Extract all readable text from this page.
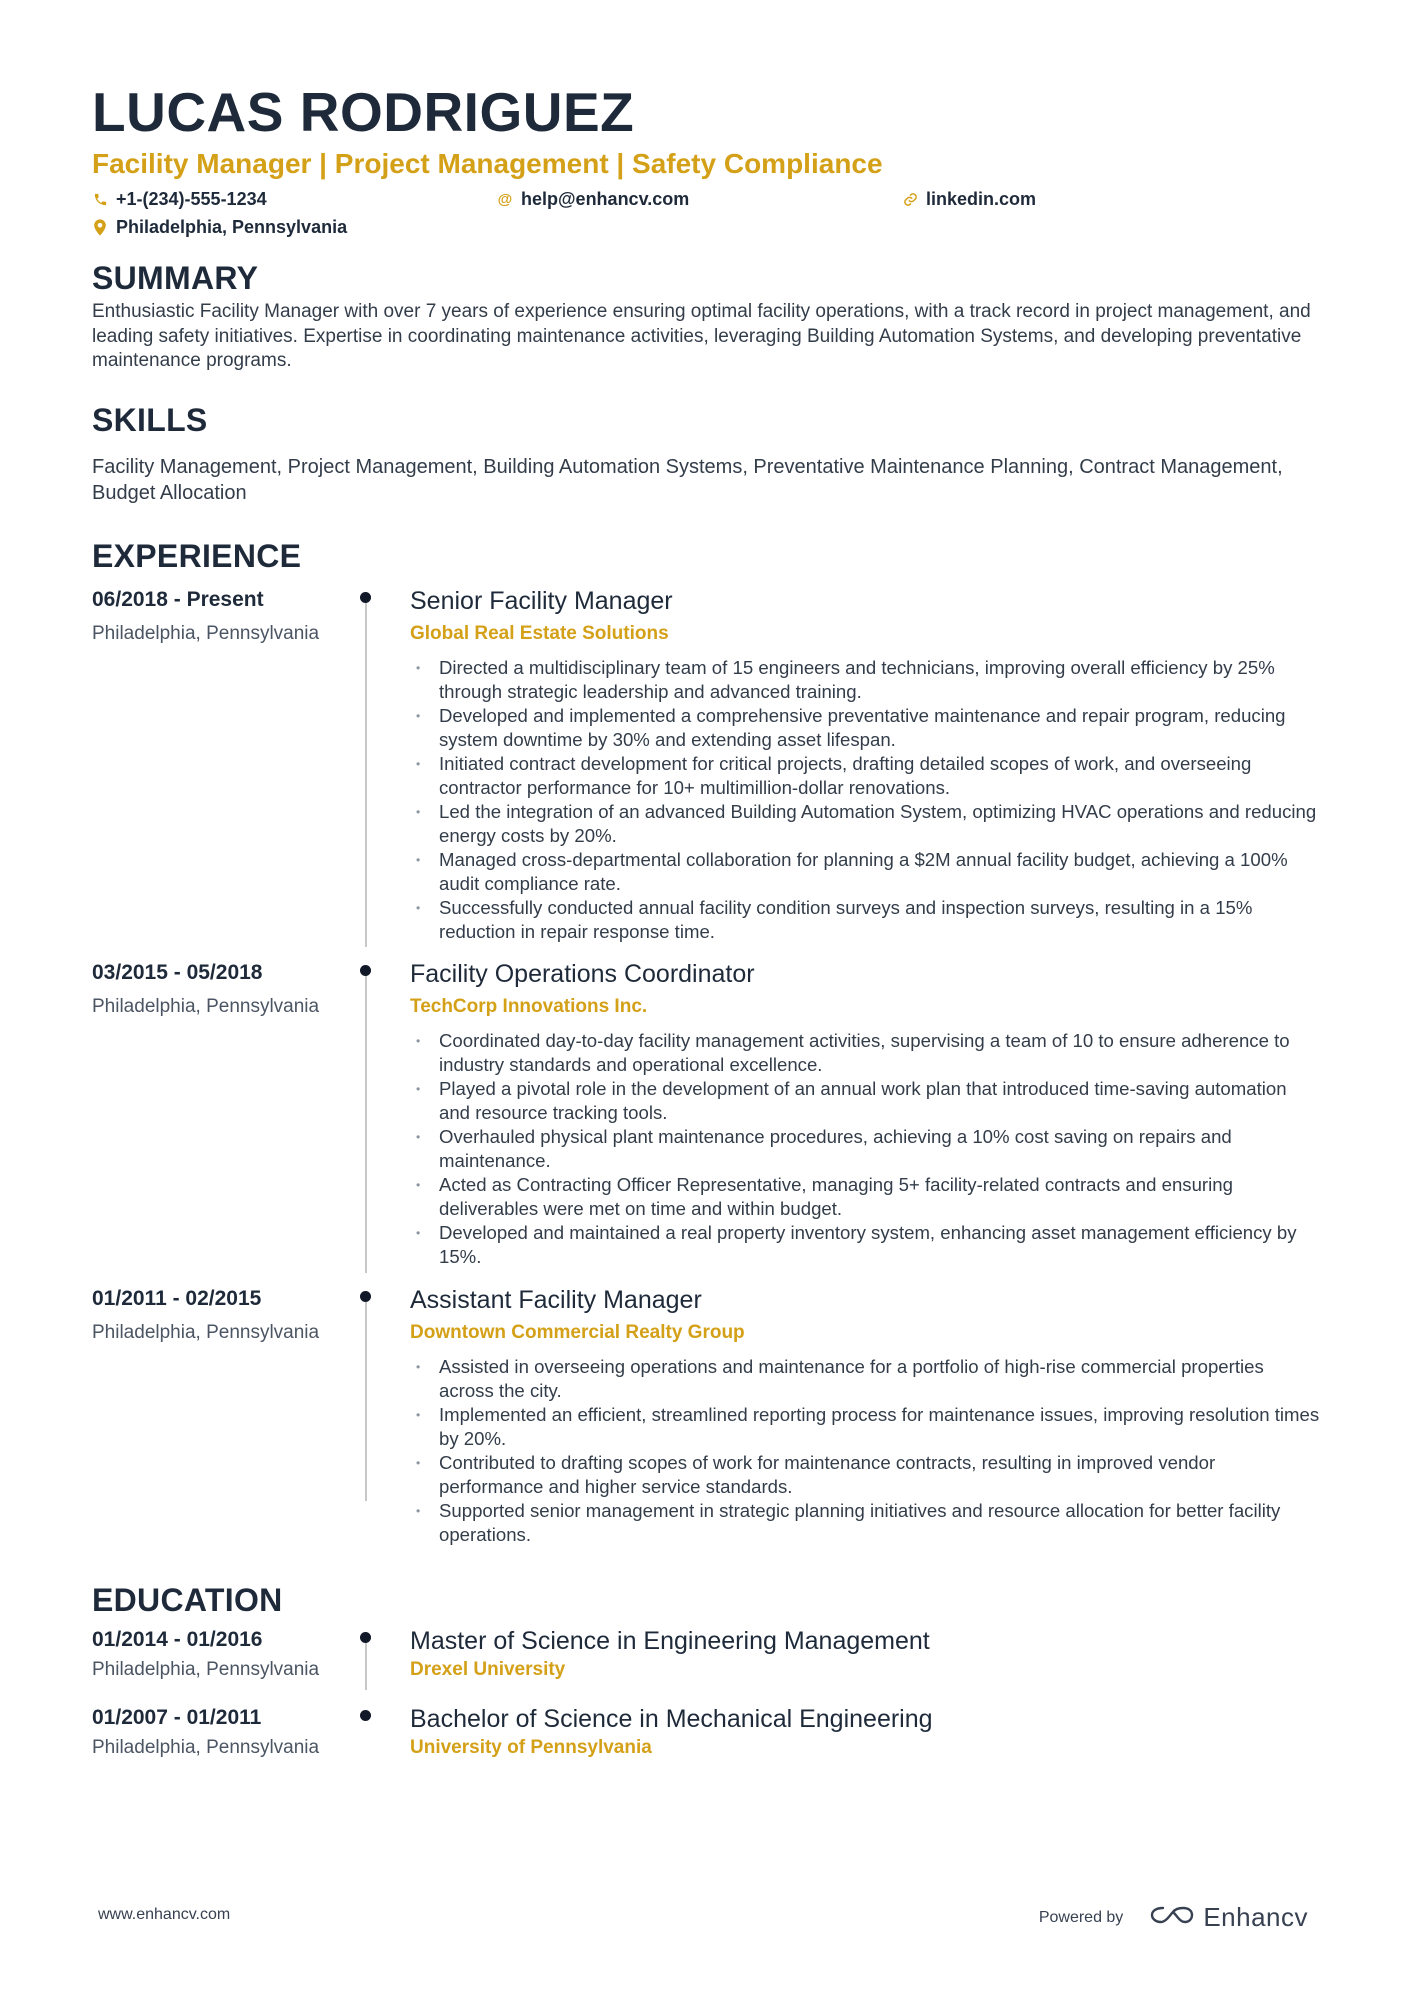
LUCAS RODRIGUEZ
Facility Manager | Project Management | Safety Compliance
+1-(234)-555-1234	@ help@enhancv.com	linkedin.com
Philadelphia, Pennsylvania
SUMMARY

Enthusiastic Facility Manager with over 7 years of experience ensuring optimal facility operations, with a track record in project management, and leading safety initiatives. Expertise in coordinating maintenance activities, leveraging Building Automation Systems, and developing preventative maintenance programs.

SKILLS

Facility Management, Project Management, Building Automation Systems, Preventative Maintenance Planning, Contract Management, Budget Allocation

EXPERIENCE
06/2018 - Present
Philadelphia, Pennsylvania
Senior Facility Manager
Global Real Estate Solutions
• Directed a multidisciplinary team of 15 engineers and technicians, improving overall efficiency by 25% through strategic leadership and advanced training.
• Developed and implemented a comprehensive preventative maintenance and repair program, reducing system downtime by 30% and extending asset lifespan.
• Initiated contract development for critical projects, drafting detailed scopes of work, and overseeing contractor performance for 10+ multimillion-dollar renovations.
• Led the integration of an advanced Building Automation System, optimizing HVAC operations and reducing energy costs by 20%.
• Managed cross-departmental collaboration for planning a $2M annual facility budget, achieving a 100% audit compliance rate.
• Successfully conducted annual facility condition surveys and inspection surveys, resulting in a 15% reduction in repair response time.
03/2015 - 05/2018
Philadelphia, Pennsylvania
Facility Operations Coordinator
TechCorp Innovations Inc.
• Coordinated day-to-day facility management activities, supervising a team of 10 to ensure adherence to industry standards and operational excellence.
• Played a pivotal role in the development of an annual work plan that introduced time-saving automation and resource tracking tools.
• Overhauled physical plant maintenance procedures, achieving a 10% cost saving on repairs and maintenance.
• Acted as Contracting Officer Representative, managing 5+ facility-related contracts and ensuring deliverables were met on time and within budget.
• Developed and maintained a real property inventory system, enhancing asset management efficiency by 15%.
01/2011 - 02/2015
Philadelphia, Pennsylvania
Assistant Facility Manager
Downtown Commercial Realty Group
• Assisted in overseeing operations and maintenance for a portfolio of high-rise commercial properties across the city.
• Implemented an efficient, streamlined reporting process for maintenance issues, improving resolution times by 20%.
• Contributed to drafting scopes of work for maintenance contracts, resulting in improved vendor performance and higher service standards.
• Supported senior management in strategic planning initiatives and resource allocation for better facility operations.
EDUCATION
01/2014 - 01/2016
Philadelphia, Pennsylvania
Master of Science in Engineering Management
Drexel University
01/2007 - 01/2011
Philadelphia, Pennsylvania
Bachelor of Science in Mechanical Engineering
University of Pennsylvania
www.enhancv.com	Powered by	Enhancv
